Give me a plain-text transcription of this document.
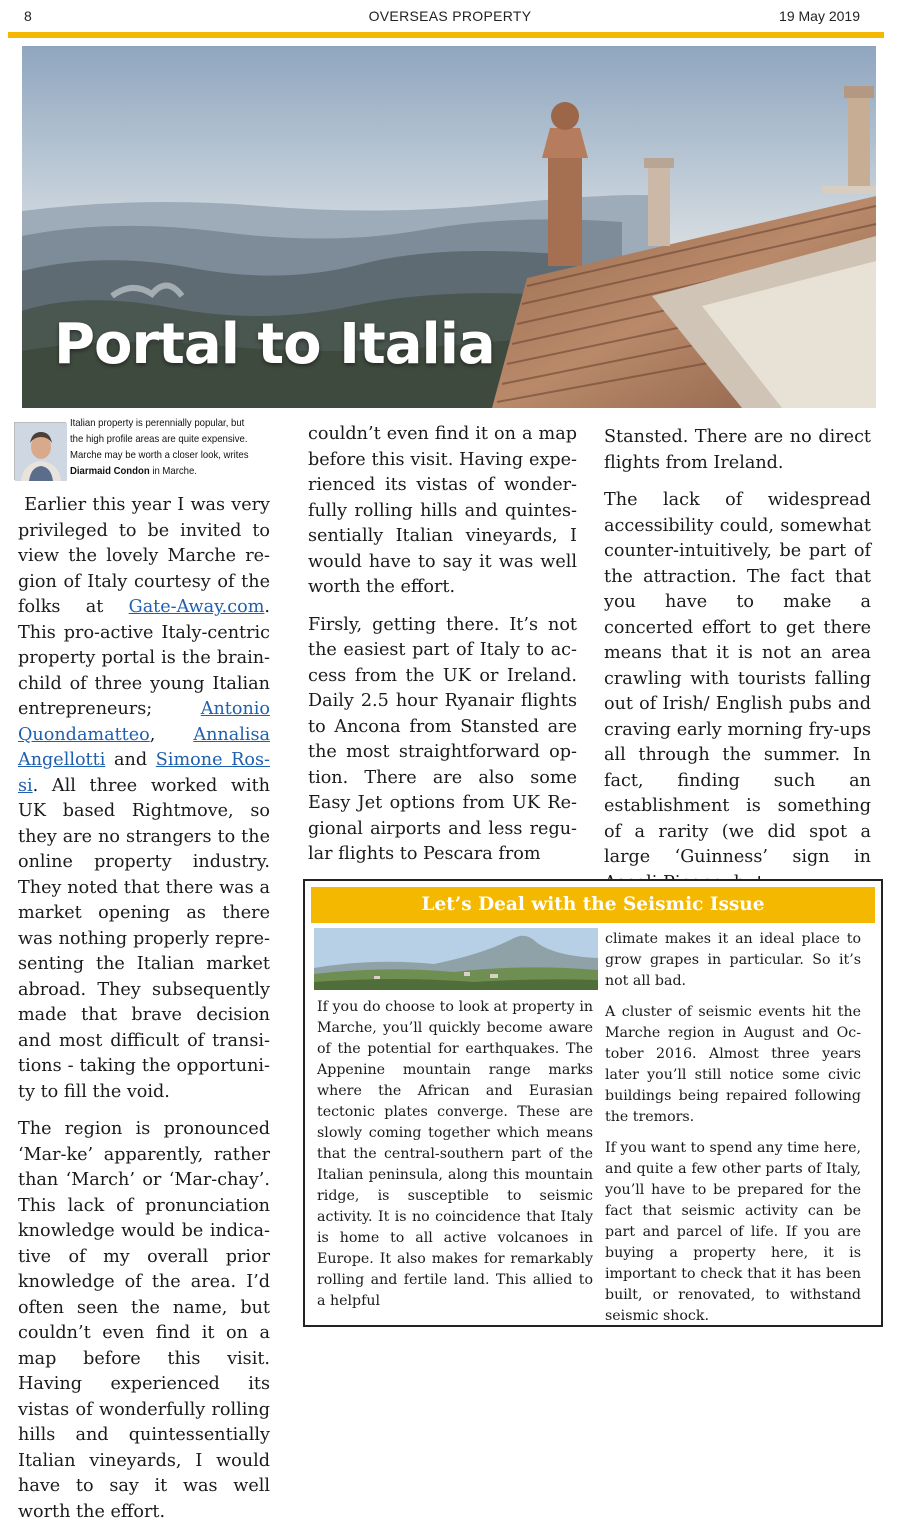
8	OVERSEAS PROPERTY	19 May 2019
Portal to Italia
Italian property is perennially popular, but the high profile areas are quite expensive. Marche may be worth a closer look, writes Diarmaid Condon in Marche.

Earlier this year I was very privileged to be invited to view the lovely Marche region of Italy courtesy of the folks at Gate-Away.com. This pro-active Italy-centric property portal is the brainchild of three young Italian entrepreneurs;	Antonio Quondamatteo, Annalisa Angellotti and Simone Rossi. All three worked with UK based Rightmove, so they are no strangers to the online property industry. They noted that there was a market opening as there was nothing properly representing the Italian market abroad. They subsequently made that brave decision and most difficult of transitions - taking the opportunity to fill the void.

The region is pronounced ‘Mar-ke’ apparently, rather than ‘March’ or ‘Mar-chay’. This lack of pronunciation knowledge would be indicative of my overall prior knowledge of the area. I’d often seen the name, but couldn’t even find it on a map before this visit. Having experienced its vistas of wonderfully rolling hills and quintessentially Italian vineyards, I would have to say it was well worth the effort.

couldn’t even find it on a map before this visit. Having experienced its vistas of wonderfully rolling hills and quintessentially Italian vineyards, I would have to say it was well worth the effort.

Firsly, getting there. It’s not the easiest part of Italy to access from the UK or Ireland. Daily 2.5 hour Ryanair flights to Ancona from Stansted are the most straightforward option. There are also some Easy Jet options from UK Regional airports and less regular flights to Pescara from

Stansted. There are no direct flights from Ireland.

The lack of widespread accessibility could, somewhat counter-intuitively, be part of the attraction. The fact that you have to make a concerted effort to get there means that it is not an area crawling with tourists falling out of Irish/ English pubs and craving early morning fry-ups all through the summer. In fact, finding such an establishment is something of a rarity (we did spot a large ‘Guinness’ sign in

Let’s Deal with the Seismic Issue

If you do choose to look at property in Marche, you’ll quickly become aware of the potential for earthquakes. The Appenine mountain range marks where the African and Eurasian tectonic plates converge. These are slowly coming together which means that the central-southern part of the Italian peninsula, along this mountain ridge, is susceptible to seismic activity. It is no coincidence that Italy is home to all active volcanoes in Europe. It also makes for remarkably rolling and fertile land. This allied to a helpful

climate makes it an ideal place to grow grapes in particular. So it’s not all bad.

A cluster of seismic events hit the Marche region in August and October 2016. Almost three years later you’ll still notice some civic buildings being repaired following the tremors.

If you want to spend any time here, and quite a few other parts of Italy, you’ll have to be prepared for the fact that seismic activity can be part and parcel of life. If you are buying a property here, it is important to check that it has been built, or renovated, to withstand seismic shock.
